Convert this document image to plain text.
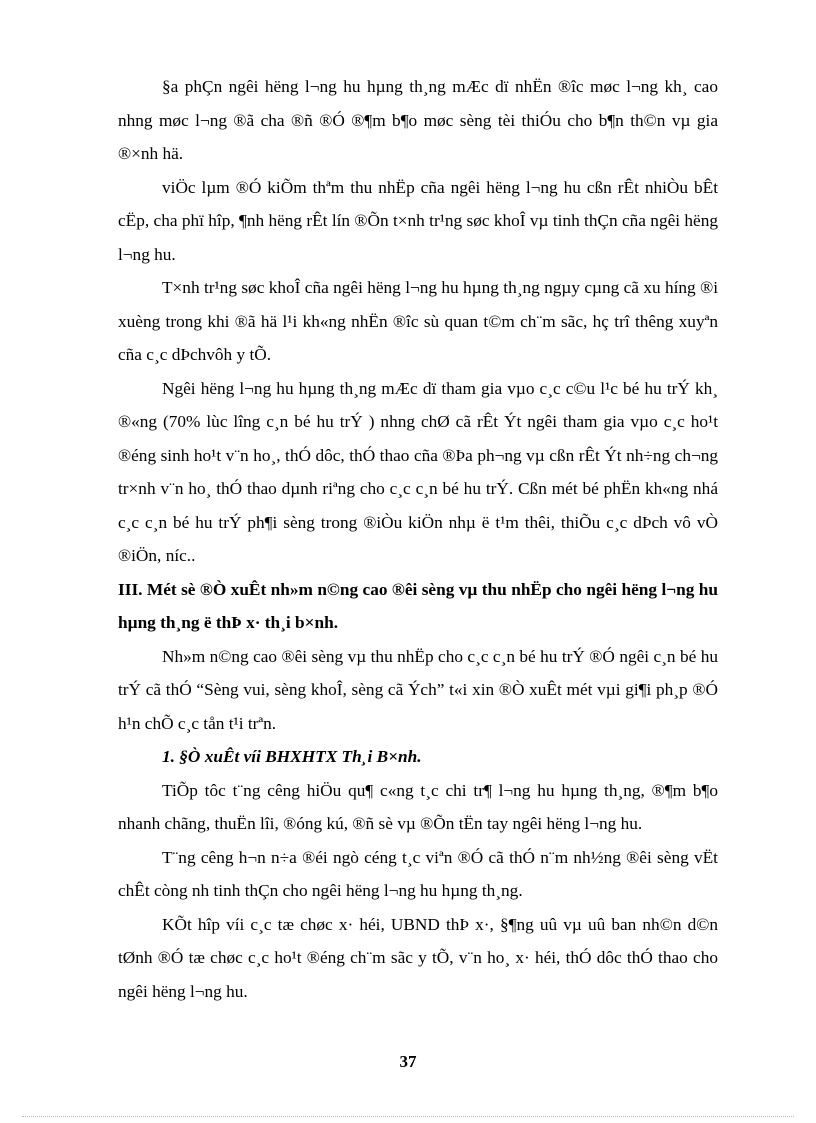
§a phÇn ngêi hëng l¬ng hu hµng th¸ng mÆc dï nhËn ®îc møc l¬ng kh¸ cao nhng møc l¬ng ®ã cha ®ñ ®Ó ®¶m b¶o møc sèng tèi thiÓu cho b¶n th©n vµ gia ®×nh hä.

viÖc lµm ®Ó kiÕm thªm thu nhËp cña ngêi hëng l¬ng hu cßn rÊt nhiÒu bÊt cËp, cha phï hîp, ¶nh hëng rÊt lín ®Õn t×nh tr¹ng søc khoÎ vµ tinh thÇn cña ngêi hëng l¬ng hu.

T×nh tr¹ng søc khoÎ cña ngêi hëng l¬ng hu hµng th¸ng ngµy cµng cã xu híng ®i xuèng trong khi ®ã hä l¹i kh«ng nhËn ®îc sù quan t©m ch¨m sãc, hç trî thêng xuyªn cña c¸c dÞchvôh y tÕ.

Ngêi hëng l¬ng hu hµng th¸ng mÆc dï tham gia vµo c¸c c©u l¹c bé hu trÝ kh¸ ®«ng (70% lùc lîng c¸n bé hu trÝ ) nhng chØ cã rÊt Ýt ngêi tham gia vµo c¸c ho¹t ®éng sinh ho¹t v¨n ho¸, thÓ dôc, thÓ thao cña ®Þa ph¬ng vµ cßn rÊt Ýt nh÷ng ch¬ng tr×nh v¨n ho¸ thÓ thao dµnh riªng cho c¸c c¸n bé hu trÝ. Cßn mét bé phËn kh«ng nhá c¸c c¸n bé hu trÝ ph¶i sèng trong ®iÒu kiÖn nhµ ë t¹m thêi, thiÕu c¸c dÞch vô vÒ ®iÖn, níc..

III. Mét sè ®Ò xuÊt nh»m n©ng cao ®êi sèng vµ thu nhËp cho ngêi hëng l¬ng hu hµng th¸ng ë thÞ x· th¸i b×nh.

Nh»m n©ng cao ®êi sèng vµ thu nhËp cho c¸c c¸n bé hu trÝ ®Ó ngêi c¸n bé hu trÝ cã thÓ “Sèng vui, sèng khoÎ, sèng cã Ých” t«i xin ®Ò xuÊt mét vµi gi¶i ph¸p ®Ó h¹n chÕ c¸c tån t¹i trªn.

1. §Ò xuÊt víi BHXHTX Th¸i B×nh.

TiÕp tôc t¨ng cêng hiÖu qu¶ c«ng t¸c chi tr¶ l¬ng hu hµng th¸ng, ®¶m b¶o nhanh chãng, thuËn lîi, ®óng kú, ®ñ sè vµ ®Õn tËn tay ngêi hëng l¬ng hu.

T¨ng cêng h¬n n÷a ®éi ngò céng t¸c viªn ®Ó cã thÓ n¨m nh½ng ®êi sèng vËt chÊt còng nh tinh thÇn cho ngêi hëng l¬ng hu hµng th¸ng.

KÕt hîp víi c¸c tæ chøc x· héi, UBND thÞ x·, §¶ng uû vµ uû ban nh©n d©n tØnh ®Ó tæ chøc c¸c ho¹t ®éng ch¨m sãc y tÕ, v¨n ho¸ x· héi, thÓ dôc thÓ thao cho ngêi hëng l¬ng hu.

37
